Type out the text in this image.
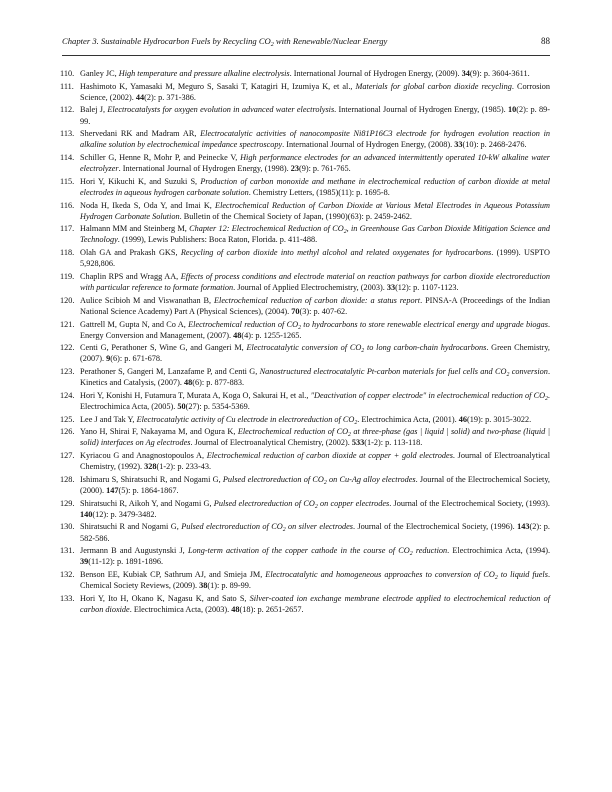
Chapter 3. Sustainable Hydrocarbon Fuels by Recycling $CO_2$ with Renewable/Nuclear Energy	88
110. Ganley JC, High temperature and pressure alkaline electrolysis. International Journal of Hydrogen Energy, (2009). 34(9): p. 3604-3611.
111. Hashimoto K, Yamasaki M, Meguro S, Sasaki T, Katagiri H, Izumiya K, et al., Materials for global carbon dioxide recycling. Corrosion Science, (2002). 44(2): p. 371-386.
112. Balej J, Electrocatalysts for oxygen evolution in advanced water electrolysis. International Journal of Hydrogen Energy, (1985). 10(2): p. 89-99.
113. Shervedani RK and Madram AR, Electrocatalytic activities of nanocomposite Ni81P16C3 electrode for hydrogen evolution reaction in alkaline solution by electrochemical impedance spectroscopy. International Journal of Hydrogen Energy, (2008). 33(10): p. 2468-2476.
114. Schiller G, Henne R, Mohr P, and Peinecke V, High performance electrodes for an advanced intermittently operated 10-kW alkaline water electrolyzer. International Journal of Hydrogen Energy, (1998). 23(9): p. 761-765.
115. Hori Y, Kikuchi K, and Suzuki S, Production of carbon monoxide and methane in electrochemical reduction of carbon dioxide at metal electrodes in aqueous hydrogen carbonate solution. Chemistry Letters, (1985)(11): p. 1695-8.
116. Noda H, Ikeda S, Oda Y, and Imai K, Electrochemical Reduction of Carbon Dioxide at Various Metal Electrodes in Aqueous Potassium Hydrogen Carbonate Solution. Bulletin of the Chemical Society of Japan, (1990)(63): p. 2459-2462.
117. Halmann MM and Steinberg M, Chapter 12: Electrochemical Reduction of $CO_2$, in Greenhouse Gas Carbon Dioxide Mitigation Science and Technology. (1999), Lewis Publishers: Boca Raton, Florida. p. 411-488.
118. Olah GA and Prakash GKS, Recycling of carbon dioxide into methyl alcohol and related oxygenates for hydrocarbons. (1999). USPTO 5,928,806.
119. Chaplin RPS and Wragg AA, Effects of process conditions and electrode material on reaction pathways for carbon dioxide electroreduction with particular reference to formate formation. Journal of Applied Electrochemistry, (2003). 33(12): p. 1107-1123.
120. Aulice Scibioh M and Viswanathan B, Electrochemical reduction of carbon dioxide: a status report. PINSA-A (Proceedings of the Indian National Science Academy) Part A (Physical Sciences), (2004). 70(3): p. 407-62.
121. Gattrell M, Gupta N, and Co A, Electrochemical reduction of $CO_2$ to hydrocarbons to store renewable electrical energy and upgrade biogas. Energy Conversion and Management, (2007). 48(4): p. 1255-1265.
122. Centi G, Perathoner S, Wine G, and Gangeri M, Electrocatalytic conversion of $CO_2$ to long carbon-chain hydrocarbons. Green Chemistry, (2007). 9(6): p. 671-678.
123. Perathoner S, Gangeri M, Lanzafame P, and Centi G, Nanostructured electrocatalytic Pt-carbon materials for fuel cells and $CO_2$ conversion. Kinetics and Catalysis, (2007). 48(6): p. 877-883.
124. Hori Y, Konishi H, Futamura T, Murata A, Koga O, Sakurai H, et al., "Deactivation of copper electrode" in electrochemical reduction of $CO_2$. Electrochimica Acta, (2005). 50(27): p. 5354-5369.
125. Lee J and Tak Y, Electrocatalytic activity of Cu electrode in electroreduction of $CO_2$. Electrochimica Acta, (2001). 46(19): p. 3015-3022.
126. Yano H, Shirai F, Nakayama M, and Ogura K, Electrochemical reduction of $CO_2$ at three-phase (gas | liquid | solid) and two-phase (liquid | solid) interfaces on Ag electrodes. Journal of Electroanalytical Chemistry, (2002). 533(1-2): p. 113-118.
127. Kyriacou G and Anagnostopoulos A, Electrochemical reduction of carbon dioxide at copper + gold electrodes. Journal of Electroanalytical Chemistry, (1992). 328(1-2): p. 233-43.
128. Ishimaru S, Shiratsuchi R, and Nogami G, Pulsed electroreduction of $CO_2$ on Cu-Ag alloy electrodes. Journal of the Electrochemical Society, (2000). 147(5): p. 1864-1867.
129. Shiratsuchi R, Aikoh Y, and Nogami G, Pulsed electroreduction of $CO_2$ on copper electrodes. Journal of the Electrochemical Society, (1993). 140(12): p. 3479-3482.
130. Shiratsuchi R and Nogami G, Pulsed electroreduction of $CO_2$ on silver electrodes. Journal of the Electrochemical Society, (1996). 143(2): p. 582-586.
131. Jermann B and Augustynski J, Long-term activation of the copper cathode in the course of $CO_2$ reduction. Electrochimica Acta, (1994). 39(11-12): p. 1891-1896.
132. Benson EE, Kubiak CP, Sathrum AJ, and Smieja JM, Electrocatalytic and homogeneous approaches to conversion of $CO_2$ to liquid fuels. Chemical Society Reviews, (2009). 38(1): p. 89-99.
133. Hori Y, Ito H, Okano K, Nagasu K, and Sato S, Silver-coated ion exchange membrane electrode applied to electrochemical reduction of carbon dioxide. Electrochimica Acta, (2003). 48(18): p. 2651-2657.
